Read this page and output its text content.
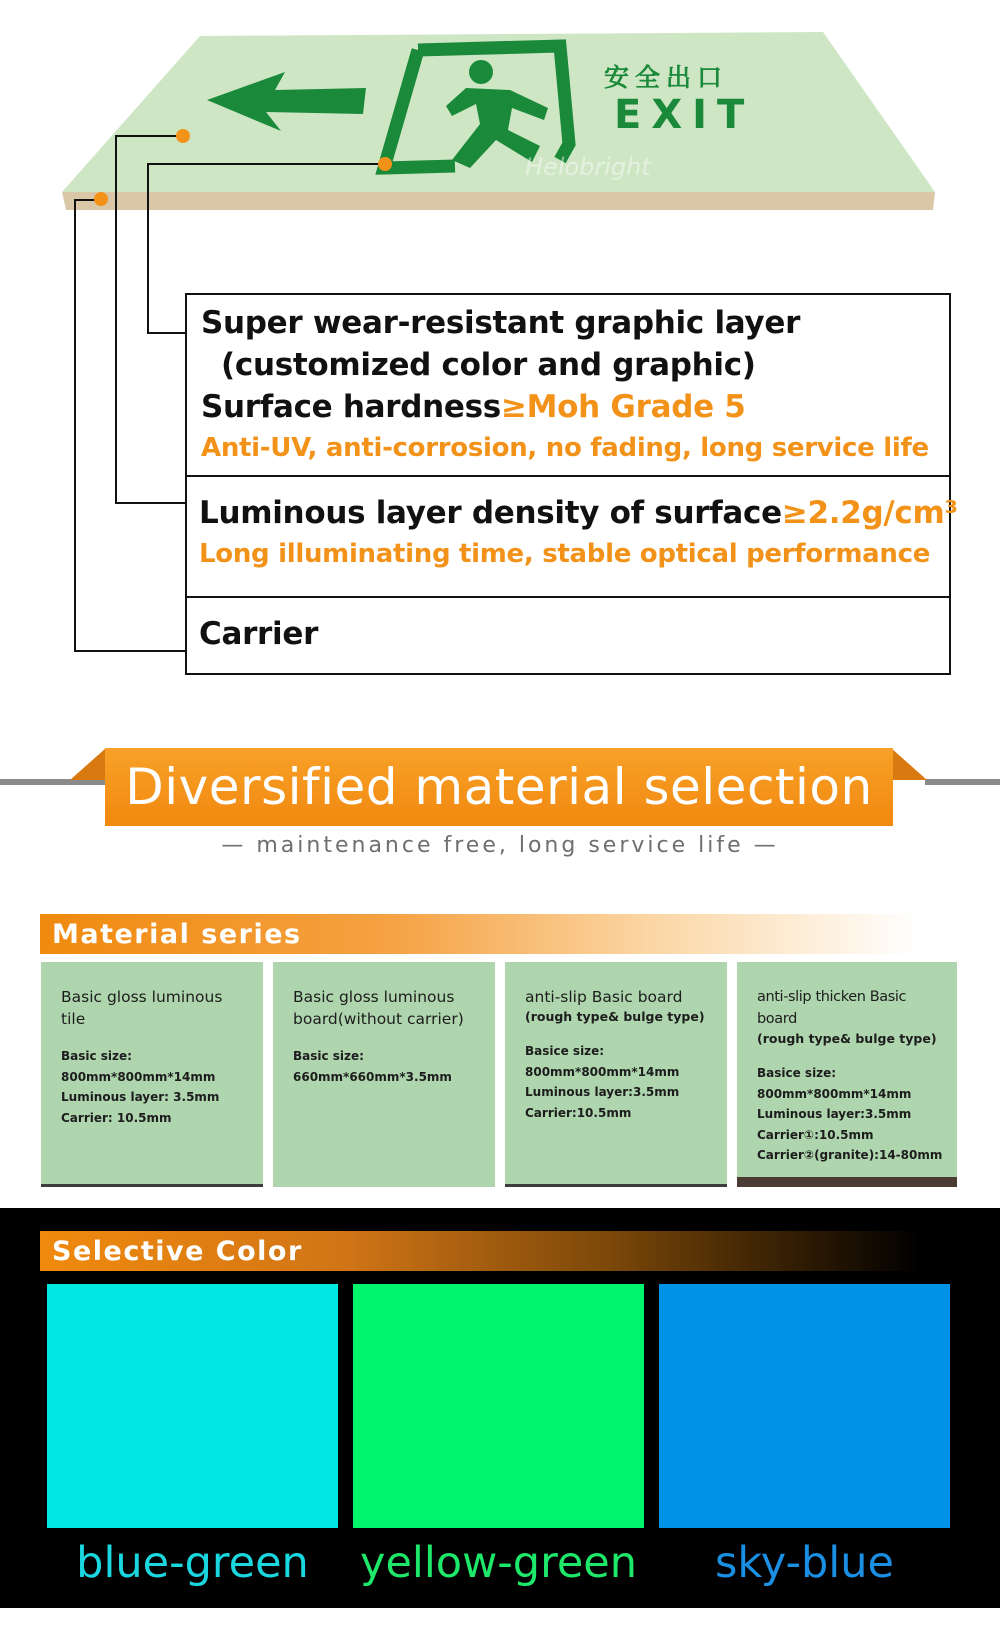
安全出口
EXIT
Helobright
Super wear-resistant graphic layer
(customized color and graphic)
Surface hardness≥Moh Grade 5
Anti-UV, anti-corrosion, no fading, long service life
Luminous layer density of surface≥2.2g/cm³
Long illuminating time, stable optical performance
Carrier
Diversified material selection
— maintenance free, long service life —
Material series
Basic gloss luminous tile
Basic size:
800mm*800mm*14mm
Luminous layer: 3.5mm
Carrier: 10.5mm
Basic gloss luminous board(without carrier)
Basic size:
660mm*660mm*3.5mm
anti-slip Basic board
(rough type& bulge type)
Basice size:
800mm*800mm*14mm
Luminous layer:3.5mm
Carrier:10.5mm
anti-slip thicken Basic board
(rough type& bulge type)
Basice size:
800mm*800mm*14mm
Luminous layer:3.5mm
Carrier①:10.5mm
Carrier②(granite):14-80mm
Selective Color
blue-green	yellow-green	sky-blue
